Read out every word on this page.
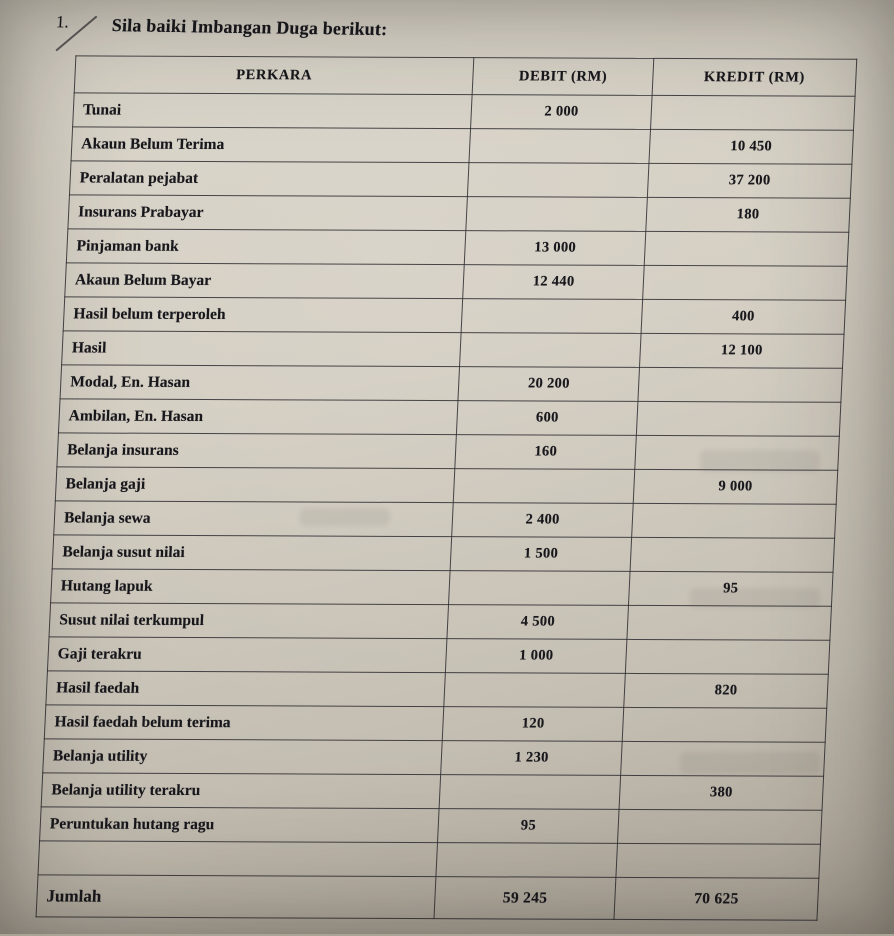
1. Sila baiki Imbangan Duga berikut:
PERKARA	DEBIT (RM)	KREDIT (RM)
Tunai	2 000	
Akaun Belum Terima		10 450
Peralatan pejabat		37 200
Insurans Prabayar		180
Pinjaman bank	13 000	
Akaun Belum Bayar	12 440	
Hasil belum terperoleh		400
Hasil		12 100
Modal, En. Hasan	20 200	
Ambilan, En. Hasan	600	
Belanja insurans	160	
Belanja gaji		9 000
Belanja sewa	2 400	
Belanja susut nilai	1 500	
Hutang lapuk		95
Susut nilai terkumpul	4 500	
Gaji terakru	1 000	
Hasil faedah		820
Hasil faedah belum terima	120	
Belanja utility	1 230	
Belanja utility terakru		380
Peruntukan hutang ragu	95	

Jumlah	59 245	70 625
